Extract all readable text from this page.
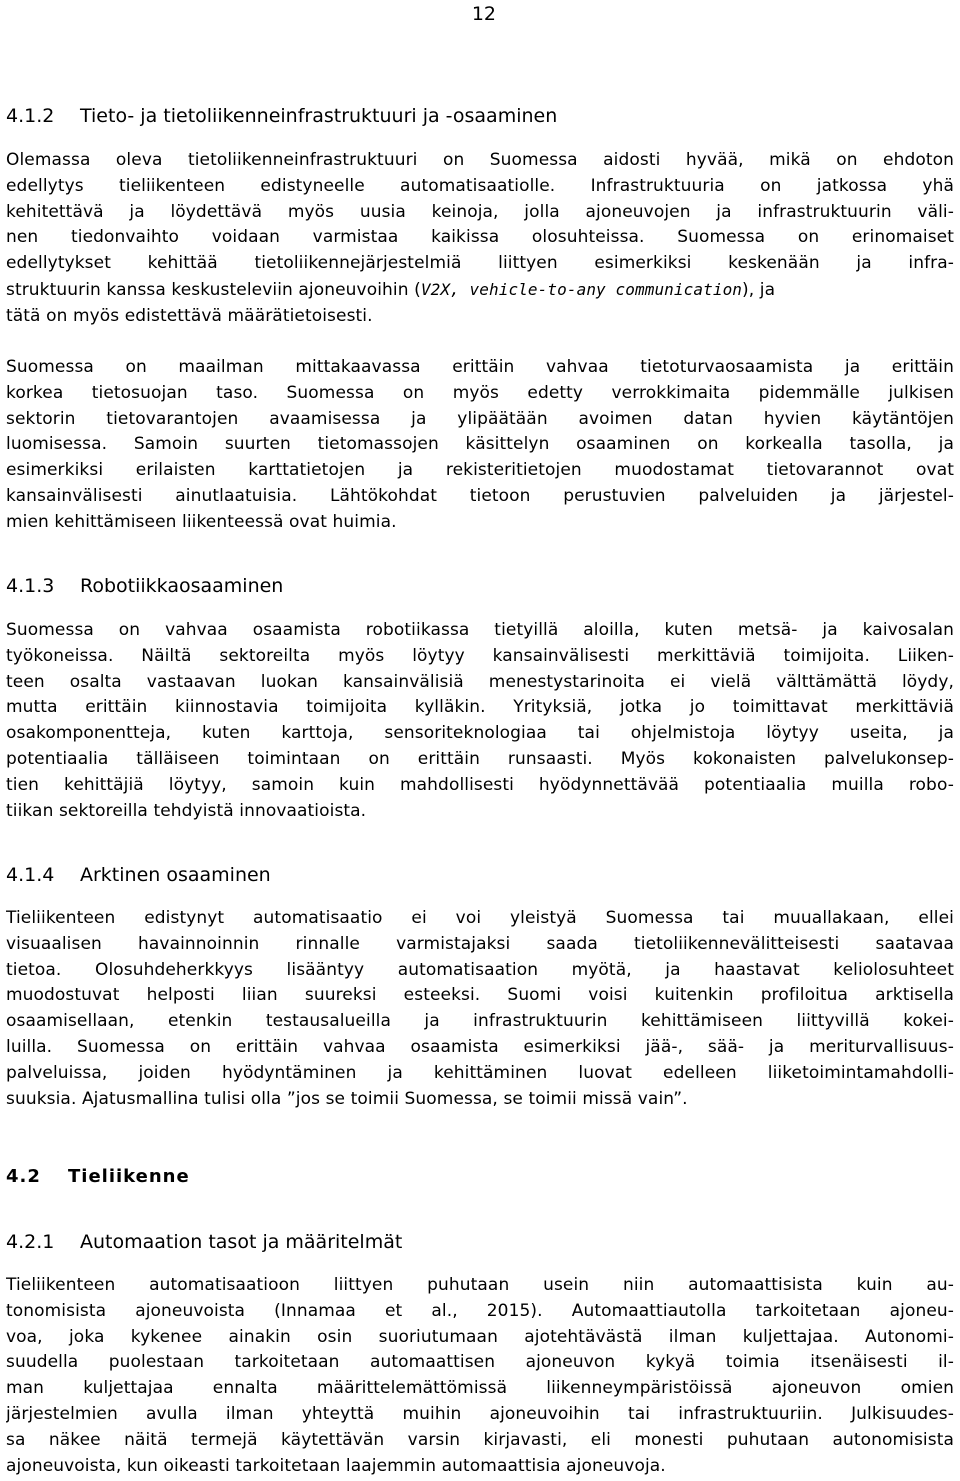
12
4.1.2 Tieto- ja tietoliikenneinfrastruktuuri ja -osaaminen
Olemassa oleva tietoliikenneinfrastruktuuri on Suomessa aidosti hyvää, mikä on ehdoton
edellytys tieliikenteen edistyneelle automatisaatiolle. Infrastruktuuria on jatkossa yhä
kehitettävä ja löydettävä myös uusia keinoja, jolla ajoneuvojen ja infrastruktuurin väli-
nen tiedonvaihto voidaan varmistaa kaikissa olosuhteissa. Suomessa on erinomaiset
edellytykset kehittää tietoliikennejärjestelmiä liittyen esimerkiksi keskenään ja infra-
struktuurin kanssa keskusteleviin ajoneuvoihin (V2X, vehicle-to-any communication), ja
tätä on myös edistettävä määrätietoisesti.
Suomessa on maailman mittakaavassa erittäin vahvaa tietoturvaosaamista ja erittäin
korkea tietosuojan taso. Suomessa on myös edetty verrokkimaita pidemmälle julkisen
sektorin tietovarantojen avaamisessa ja ylipäätään avoimen datan hyvien käytäntöjen
luomisessa. Samoin suurten tietomassojen käsittelyn osaaminen on korkealla tasolla, ja
esimerkiksi erilaisten karttatietojen ja rekisteritietojen muodostamat tietovarannot ovat
kansainvälisesti ainutlaatuisia. Lähtökohdat tietoon perustuvien palveluiden ja järjestel-
mien kehittämiseen liikenteessä ovat huimia.
4.1.3 Robotiikkaosaaminen
Suomessa on vahvaa osaamista robotiikassa tietyillä aloilla, kuten metsä- ja kaivosalan
työkoneissa. Näiltä sektoreilta myös löytyy kansainvälisesti merkittäviä toimijoita. Liiken-
teen osalta vastaavan luokan kansainvälisiä menestystarinoita ei vielä välttämättä löydy,
mutta erittäin kiinnostavia toimijoita kylläkin. Yrityksiä, jotka jo toimittavat merkittäviä
osakomponentteja, kuten karttoja, sensoriteknologiaa tai ohjelmistoja löytyy useita, ja
potentiaalia tälläiseen toimintaan on erittäin runsaasti. Myös kokonaisten palvelukonsep-
tien kehittäjiä löytyy, samoin kuin mahdollisesti hyödynnettävää potentiaalia muilla robo-
tiikan sektoreilla tehdyistä innovaatioista.
4.1.4 Arktinen osaaminen
Tieliikenteen edistynyt automatisaatio ei voi yleistyä Suomessa tai muuallakaan, ellei
visuaalisen havainnoinnin rinnalle varmistajaksi saada tietoliikennevälitteisesti saatavaa
tietoa. Olosuhdeherkkyys lisääntyy automatisaation myötä, ja haastavat keliolosuhteet
muodostuvat helposti liian suureksi esteeksi. Suomi voisi kuitenkin profiloitua arktisella
osaamisellaan, etenkin testausalueilla ja infrastruktuurin kehittämiseen liittyvillä kokei-
luilla. Suomessa on erittäin vahvaa osaamista esimerkiksi jää-, sää- ja meriturvallisuus-
palveluissa, joiden hyödyntäminen ja kehittäminen luovat edelleen liiketoimintamahdolli-
suuksia. Ajatusmallina tulisi olla ”jos se toimii Suomessa, se toimii missä vain”.
4.2 Tieliikenne
4.2.1 Automaation tasot ja määritelmät
Tieliikenteen automatisaatioon liittyen puhutaan usein niin automaattisista kuin au-
tonomisista ajoneuvoista (Innamaa et al., 2015). Automaattiautolla tarkoitetaan ajoneu-
voa, joka kykenee ainakin osin suoriutumaan ajotehtävästä ilman kuljettajaa. Autonomi-
suudella puolestaan tarkoitetaan automaattisen ajoneuvon kykyä toimia itsenäisesti il-
man kuljettajaa ennalta määrittelemättömissä liikenneympäristöissä ajoneuvon omien
järjestelmien avulla ilman yhteyttä muihin ajoneuvoihin tai infrastruktuuriin. Julkisuudes-
sa näkee näitä termejä käytettävän varsin kirjavasti, eli monesti puhutaan autonomisista
ajoneuvoista, kun oikeasti tarkoitetaan laajemmin automaattisia ajoneuvoja.
